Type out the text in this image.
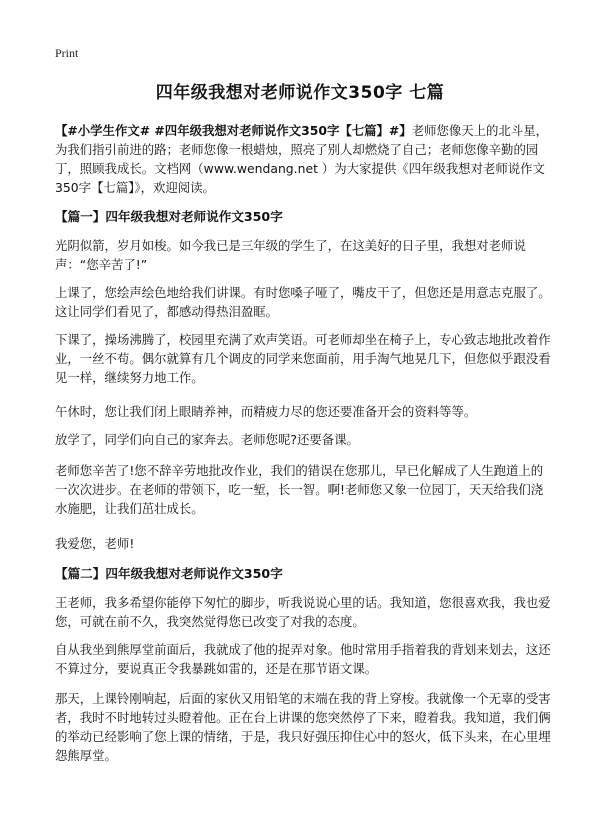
Print
四年级我想对老师说作文350字 七篇

【#小学生作文# #四年级我想对老师说作文350字【七篇】#】老师您像天上的北斗星，为我们指引前进的路；老师您像一根蜡烛，照亮了别人却燃烧了自己；老师您像辛勤的园丁，照顾我成长。文档网（www.wendang.net ）为大家提供《四年级我想对老师说作文350字【七篇】》，欢迎阅读。

【篇一】四年级我想对老师说作文350字

光阴似箭，岁月如梭。如今我已是三年级的学生了，在这美好的日子里，我想对老师说声：“您辛苦了!”

上课了，您绘声绘色地给我们讲课。有时您嗓子哑了，嘴皮干了，但您还是用意志克服了。这让同学们看见了，都感动得热泪盈眶。

下课了，操场沸腾了，校园里充满了欢声笑语。可老师却坐在椅子上，专心致志地批改着作业，一丝不苟。偶尔就算有几个调皮的同学来您面前，用手淘气地晃几下，但您似乎跟没看见一样，继续努力地工作。

午休时，您让我们闭上眼睛养神，而精疲力尽的您还要准备开会的资料等等。

放学了，同学们向自己的家奔去。老师您呢?还要备课。

老师您辛苦了!您不辞辛劳地批改作业，我们的错误在您那儿，早已化解成了人生跑道上的一次次进步。在老师的带领下，吃一堑，长一智。啊!老师您又象一位园丁，天天给我们浇水施肥，让我们茁壮成长。

我爱您，老师!

【篇二】四年级我想对老师说作文350字

王老师，我多希望你能停下匆忙的脚步，听我说说心里的话。我知道，您很喜欢我，我也爱您，可就在前不久，我突然觉得您已改变了对我的态度。

自从我坐到熊厚堂前面后，我就成了他的捉弄对象。他时常用手指着我的背划来划去，这还不算过分，要说真正令我暴跳如雷的，还是在那节语文课。

那天，上课铃刚响起，后面的家伙又用铅笔的末端在我的背上穿梭。我就像一个无辜的受害者，我时不时地转过头瞪着他。正在台上讲课的您突然停了下来，瞪着我。我知道，我们俩的举动已经影响了您上课的情绪，于是，我只好强压抑住心中的怒火，低下头来，在心里埋怨熊厚堂。
